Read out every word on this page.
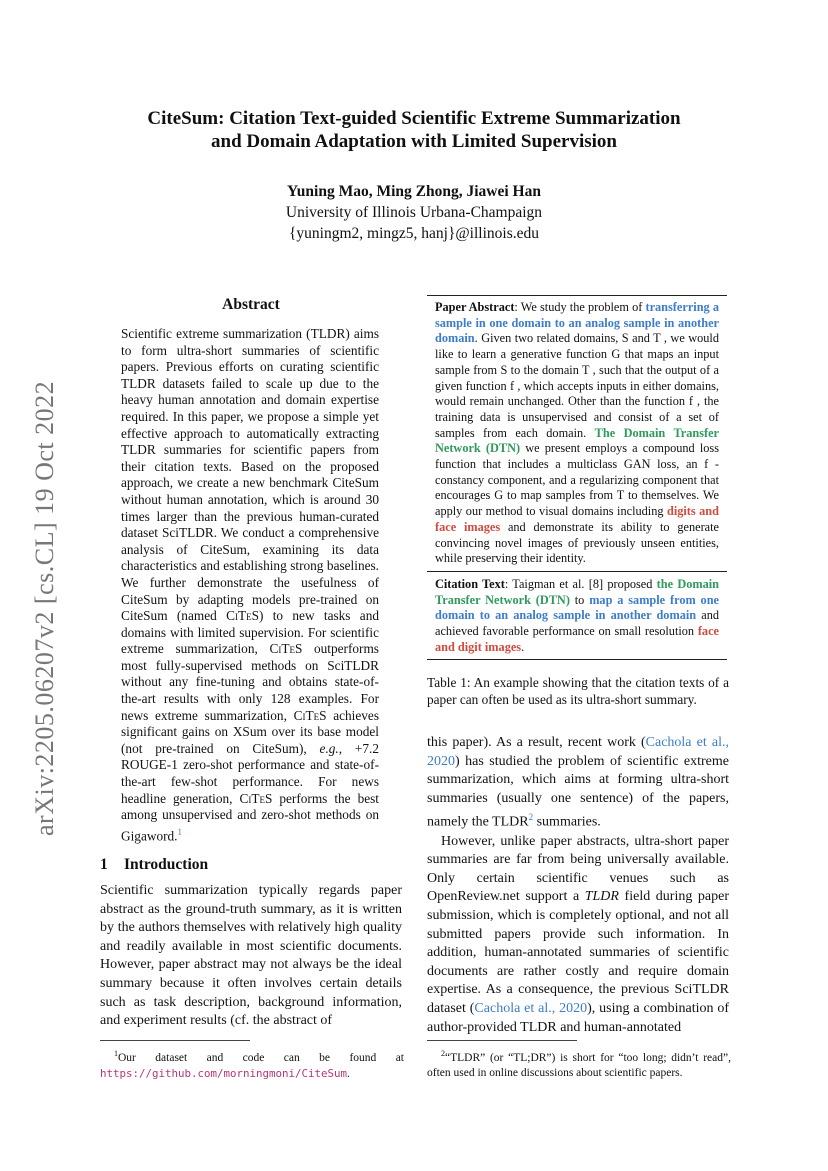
arXiv:2205.06207v2 [cs.CL] 19 Oct 2022
CiteSum: Citation Text-guided Scientific Extreme Summarization
and Domain Adaptation with Limited Supervision
Yuning Mao, Ming Zhong, Jiawei Han
University of Illinois Urbana-Champaign
{yuningm2, mingz5, hanj}@illinois.edu
Abstract
Scientific extreme summarization (TLDR) aims to form ultra-short summaries of scientific papers. Previous efforts on curating scientific TLDR datasets failed to scale up due to the heavy human annotation and domain expertise required. In this paper, we propose a simple yet effective approach to automatically extracting TLDR summaries for scientific papers from their citation texts. Based on the proposed approach, we create a new benchmark CiteSum without human annotation, which is around 30 times larger than the previous human-curated dataset SciTLDR. We conduct a comprehensive analysis of CiteSum, examining its data characteristics and establishing strong baselines. We further demonstrate the usefulness of CiteSum by adapting models pre-trained on CiteSum (named CiTeS) to new tasks and domains with limited supervision. For scientific extreme summarization, CiTeS outperforms most fully-supervised methods on SciTLDR without any fine-tuning and obtains state-of-the-art results with only 128 examples. For news extreme summarization, CiTeS achieves significant gains on XSum over its base model (not pre-trained on CiteSum), e.g., +7.2 ROUGE-1 zero-shot performance and state-of-the-art few-shot performance. For news headline generation, CiTeS performs the best among unsupervised and zero-shot methods on Gigaword.$^1$
1 Introduction
Scientific summarization typically regards paper abstract as the ground-truth summary, as it is written by the authors themselves with relatively high quality and readily available in most scientific documents. However, paper abstract may not always be the ideal summary because it often involves certain details such as task description, background information, and experiment results (cf. the abstract of
$^1$Our dataset and code can be found at https://github.com/morningmoni/CiteSum.
Paper Abstract: We study the problem of transferring a sample in one domain to an analog sample in another domain. Given two related domains, S and T , we would like to learn a generative function G that maps an input sample from S to the domain T , such that the output of a given function f , which accepts inputs in either domains, would remain unchanged. Other than the function f , the training data is unsupervised and consist of a set of samples from each domain. The Domain Transfer Network (DTN) we present employs a compound loss function that includes a multiclass GAN loss, an f -constancy component, and a regularizing component that encourages G to map samples from T to themselves. We apply our method to visual domains including digits and face images and demonstrate its ability to generate convincing novel images of previously unseen entities, while preserving their identity.
Citation Text: Taigman et al. [8] proposed the Domain Transfer Network (DTN) to map a sample from one domain to an analog sample in another domain and achieved favorable performance on small resolution face and digit images.
Table 1: An example showing that the citation texts of a paper can often be used as its ultra-short summary.

this paper). As a result, recent work (Cachola et al., 2020) has studied the problem of scientific extreme summarization, which aims at forming ultra-short summaries (usually one sentence) of the papers, namely the TLDR$^2$ summaries.

However, unlike paper abstracts, ultra-short paper summaries are far from being universally available. Only certain scientific venues such as OpenReview.net support a TLDR field during paper submission, which is completely optional, and not all submitted papers provide such information. In addition, human-annotated summaries of scientific documents are rather costly and require domain expertise. As a consequence, the previous SciTLDR dataset (Cachola et al., 2020), using a combination of author-provided TLDR and human-annotated

$^2$“TLDR” (or “TL;DR”) is short for “too long; didn’t read”, often used in online discussions about scientific papers.
